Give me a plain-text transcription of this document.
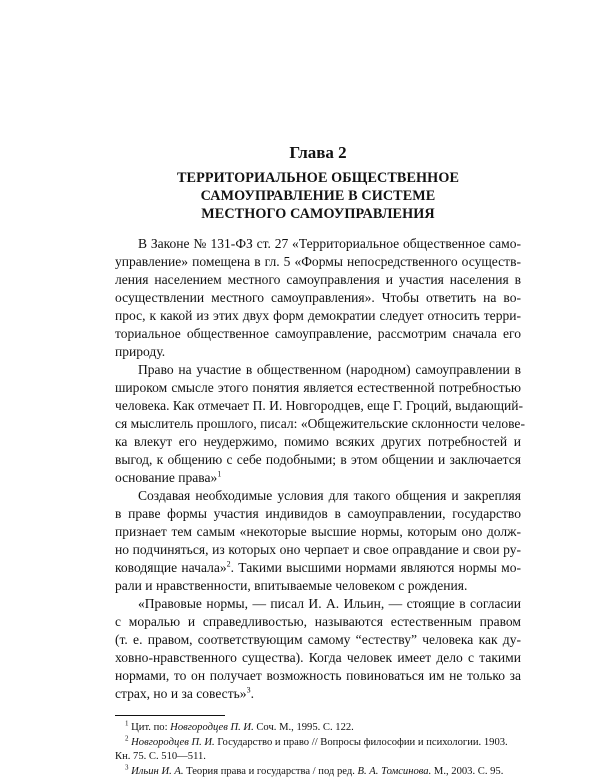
Глава 2
ТЕРРИТОРИАЛЬНОЕ ОБЩЕСТВЕННОЕ
САМОУПРАВЛЕНИЕ В СИСТЕМЕ
МЕСТНОГО САМОУПРАВЛЕНИЯ

В Законе № 131-ФЗ ст. 27 «Территориальное общественное само-
управление» помещена в гл. 5 «Формы непосредственного осуществ-
ления населением местного самоуправления и участия населения в
осуществлении местного самоуправления». Чтобы ответить на во-
прос, к какой из этих двух форм демократии следует относить терри-
ториальное общественное самоуправление, рассмотрим сначала его
природу.

Право на участие в общественном (народном) самоуправлении в
широком смысле этого понятия является естественной потребностью
человека. Как отмечает П. И. Новгородцев, еще Г. Гроций, выдающий-
ся мыслитель прошлого, писал: «Общежительские склонности челове-
ка влекут его неудержимо, помимо всяких других потребностей и
выгод, к общению с себе подобными; в этом общении и заключается
основание права»$^1$

Создавая необходимые условия для такого общения и закрепляя
в праве формы участия индивидов в самоуправлении, государство
признает тем самым «некоторые высшие нормы, которым оно долж-
но подчиняться, из которых оно черпает и свое оправдание и свои ру-
ководящие начала»$^2$. Такими высшими нормами являются нормы мо-
рали и нравственности, впитываемые человеком с рождения.

«Правовые нормы, — писал И. А. Ильин, — стоящие в согласии
с моралью и справедливостью, называются естественным правом
(т. е. правом, соответствующим самому “естеству” человека как ду-
ховно-нравственного существа). Когда человек имеет дело с такими
нормами, то он получает возможность повиноваться им не только за
страх, но и за совесть»$^3$.

$^1$ Цит. по: Новгородцев П. И. Соч. М., 1995. С. 122.
$^2$ Новгородцев П. И. Государство и право // Вопросы философии и психологии. 1903.
Кн. 75. С. 510—511.
$^3$ Ильин И. А. Теория права и государства / под ред. В. А. Томсинова. М., 2003. С. 95.
